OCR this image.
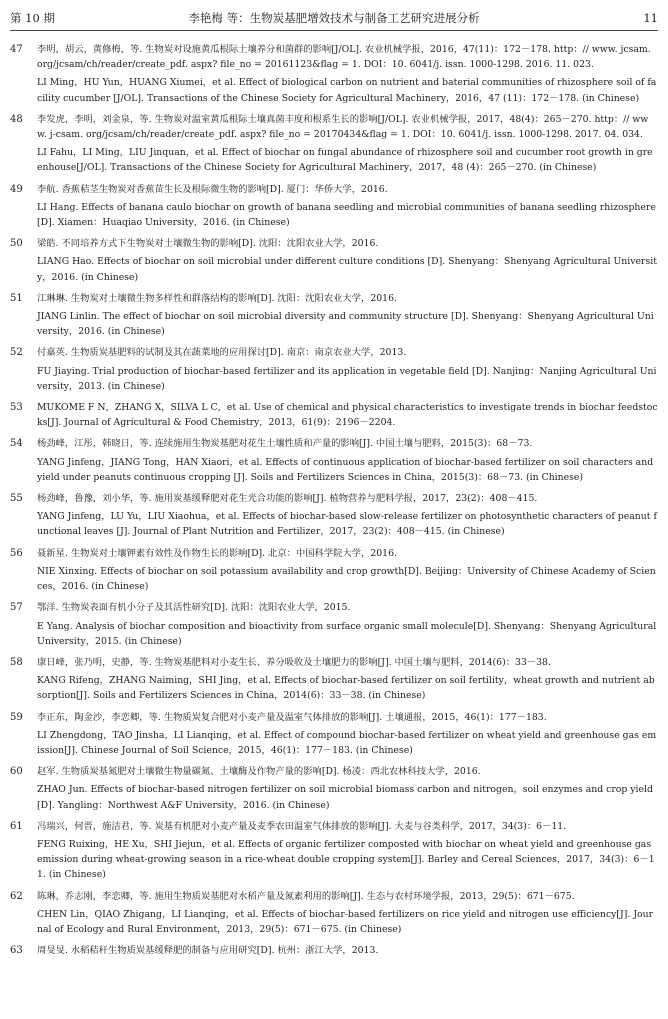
第 10 期	李艳梅 等：生物炭基肥增效技术与制备工艺研究进展分析	11
47 李明，胡云，黄修梅，等. 生物炭对设施黄瓜根际土壤养分和菌群的影响[J/OL]. 农业机械学报，2016，47(11)：172－178. http：// www. jcsam. org/jcsam/ch/reader/create_pdf. aspx? file_no = 20161123&flag = 1. DOI：10. 6041/j. issn. 1000-1298. 2016. 11. 023.
LI Ming，HU Yun，HUANG Xiumei，et al. Effect of biological carbon on nutrient and baterial communities of rhizosphere soil of facility cucumber [J/OL]. Transactions of the Chinese Society for Agricultural Machinery，2016，47 (11)：172－178. (in Chinese)
48 李发虎，李明，刘金泉，等. 生物炭对温室黄瓜根际土壤真菌丰度和根系生长的影响[J/OL]. 农业机械学报，2017，48(4)：265－270. http：// www. j-csam. org/jcsam/ch/reader/create_pdf. aspx? file_no = 20170434&flag = 1. DOI：10. 6041/j. issn. 1000-1298. 2017. 04. 034.
LI Fahu，LI Ming，LIU Jinquan，et al. Effect of biochar on fungal abundance of rhizosphere soil and cucumber root growth in greenhouse[J/OL]. Transactions of the Chinese Society for Agricultural Machinery，2017，48 (4)：265－270. (in Chinese)
49 李航. 香蕉秸茎生物炭对香蕉苗生长及根际微生物的影响[D]. 厦门：华侨大学，2016.
LI Hang. Effects of banana caulo biochar on growth of banana seedling and microbial communities of banana seedling rhizosphere [D]. Xiamen：Huaqiao University，2016. (in Chinese)
50 梁皓. 不同培养方式下生物炭对土壤微生物的影响[D]. 沈阳：沈阳农业大学，2016.
LIANG Hao. Effects of biochar on soil microbial under different culture conditions [D]. Shenyang：Shenyang Agricultural University，2016. (in Chinese)
51 江琳琳. 生物炭对土壤微生物多样性和群落结构的影响[D]. 沈阳：沈阳农业大学，2016.
JIANG Linlin. The effect of biochar on soil microbial diversity and community structure [D]. Shenyang：Shenyang Agricultural University，2016. (in Chinese)
52 付嘉英. 生物质炭基肥料的试制及其在蔬菜地的应用探讨[D]. 南京：南京农业大学，2013.
FU Jiaying. Trial production of biochar-based fertilizer and its application in vegetable field [D]. Nanjing：Nanjing Agricultural University，2013. (in Chinese)
53 MUKOME F N，ZHANG X，SILVA L C，et al. Use of chemical and physical characteristics to investigate trends in biochar feedstocks[J]. Journal of Agricultural & Food Chemistry，2013，61(9)：2196－2204.
54 杨劲峰，江彤，韩晓日，等. 连续施用生物炭基肥对花生土壤性质和产量的影响[J]. 中国土壤与肥料，2015(3)：68－73.
YANG Jinfeng，JIANG Tong，HAN Xiaori，et al. Effects of continuous application of biochar-based fertilizer on soil characters and yield under peanuts continuous cropping [J]. Soils and Fertilizers Sciences in China，2015(3)：68－73. (in Chinese)
55 杨劲峰，鲁豫，刘小华，等. 施用炭基缓释肥对花生光合功能的影响[J]. 植物营养与肥料学报，2017，23(2)：408－415.
YANG Jinfeng，LU Yu，LIU Xiaohua，et al. Effects of biochar-based slow-release fertilizer on photosynthetic characters of peanut functional leaves [J]. Journal of Plant Nutrition and Fertilizer，2017，23(2)：408－415. (in Chinese)
56 聂新星. 生物炭对土壤钾素有效性及作物生长的影响[D]. 北京：中国科学院大学，2016.
NIE Xinxing. Effects of biochar on soil potassium availability and crop growth[D]. Beijing：University of Chinese Academy of Sciences，2016. (in Chinese)
57 鄂洋. 生物炭表面有机小分子及其活性研究[D]. 沈阳：沈阳农业大学，2015.
E Yang. Analysis of biochar composition and bioactivity from surface organic small molecule[D]. Shenyang：Shenyang Agricultural University，2015. (in Chinese)
58 康日峰，张乃明，史静，等. 生物炭基肥料对小麦生长、养分吸收及土壤肥力的影响[J]. 中国土壤与肥料，2014(6)：33－38.
KANG Rifeng，ZHANG Naiming，SHI Jing，et al. Effects of biochar-based fertilizer on soil fertility，wheat growth and nutrient absorption[J]. Soils and Fertilizers Sciences in China，2014(6)：33－38. (in Chinese)
59 李正东，陶金沙，李恋卿，等. 生物质炭复合肥对小麦产量及温室气体排放的影响[J]. 土壤通报，2015，46(1)：177－183.
LI Zhengdong，TAO Jinsha，LI Lianqing，et al. Effect of compound biochar-based fertilizer on wheat yield and greenhouse gas emission[J]. Chinese Journal of Soil Science，2015，46(1)：177－183. (in Chinese)
60 赵军. 生物质炭基氮肥对土壤微生物量碳氮、土壤酶及作物产量的影响[D]. 杨凌：西北农林科技大学，2016.
ZHAO Jun. Effects of biochar-based nitrogen fertilizer on soil microbial biomass carbon and nitrogen，soil enzymes and crop yield [D]. Yangling：Northwest A&F University，2016. (in Chinese)
61 冯瑞兴，何晋，施洁君，等. 炭基有机肥对小麦产量及麦季农田温室气体排放的影响[J]. 大麦与谷类科学，2017，34(3)：6－11.
FENG Ruixing，HE Xu，SHI Jiejun，et al. Effects of organic fertilizer composted with biochar on wheat yield and greenhouse gas emission during wheat-growing season in a rice-wheat double cropping system[J]. Barley and Cereal Sciences，2017，34(3)：6－11. (in Chinese)
62 陈琳，乔志刚，李恋卿，等. 施用生物质炭基肥对水稻产量及氮素利用的影响[J]. 生态与农村环境学报，2013，29(5)：671－675.
CHEN Lin，QIAO Zhigang，LI Lianqing，et al. Effects of biochar-based fertilizers on rice yield and nitrogen use efficiency[J]. Journal of Ecology and Rural Environment，2013，29(5)：671－675. (in Chinese)
63 周旻旻. 水稻秸秆生物质炭基缓释肥的制备与应用研究[D]. 杭州：浙江大学，2013.
